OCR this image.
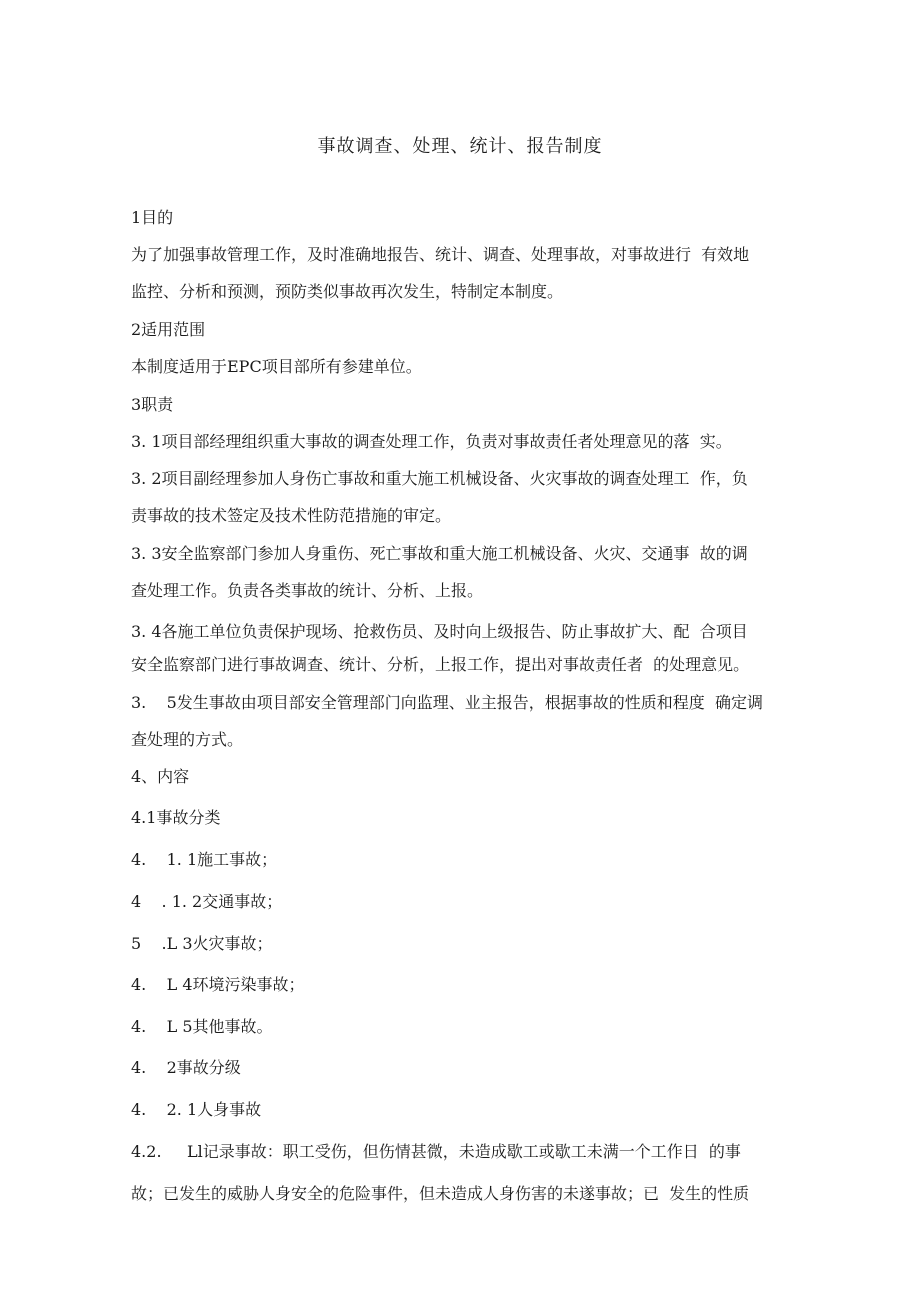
事故调查、处理、统计、报告制度

1目的

为了加强事故管理工作，及时准确地报告、统计、调查、处理事故，对事故进行  有效地

监控、分析和预测，预防类似事故再次发生，特制定本制度。

2适用范围

本制度适用于EPC项目部所有参建单位。

3职责

3. 1项目部经理组织重大事故的调查处理工作，负责对事故责任者处理意见的落  实。

3. 2项目副经理参加人身伤亡事故和重大施工机械设备、火灾事故的调查处理工  作，负

责事故的技术签定及技术性防范措施的审定。

3. 3安全监察部门参加人身重伤、死亡事故和重大施工机械设备、火灾、交通事  故的调

查处理工作。负责各类事故的统计、分析、上报。

3. 4各施工单位负责保护现场、抢救伤员、及时向上级报告、防止事故扩大、配  合项目

安全监察部门进行事故调查、统计、分析，上报工作，提出对事故责任者  的处理意见。

3.    5发生事故由项目部安全管理部门向监理、业主报告，根据事故的性质和程度  确定调

查处理的方式。

4、内容

4.1事故分类

4.    1. 1施工事故；

4    . 1. 2交通事故；

5    .L 3火灾事故；

4.    L 4环境污染事故；

4.    L 5其他事故。

4.    2事故分级

4.    2. 1人身事故

4.2.     Ll记录事故：职工受伤，但伤情甚微，未造成歇工或歇工未满一个工作日  的事

故；已发生的威胁人身安全的危险事件，但未造成人身伤害的未遂事故；已  发生的性质
